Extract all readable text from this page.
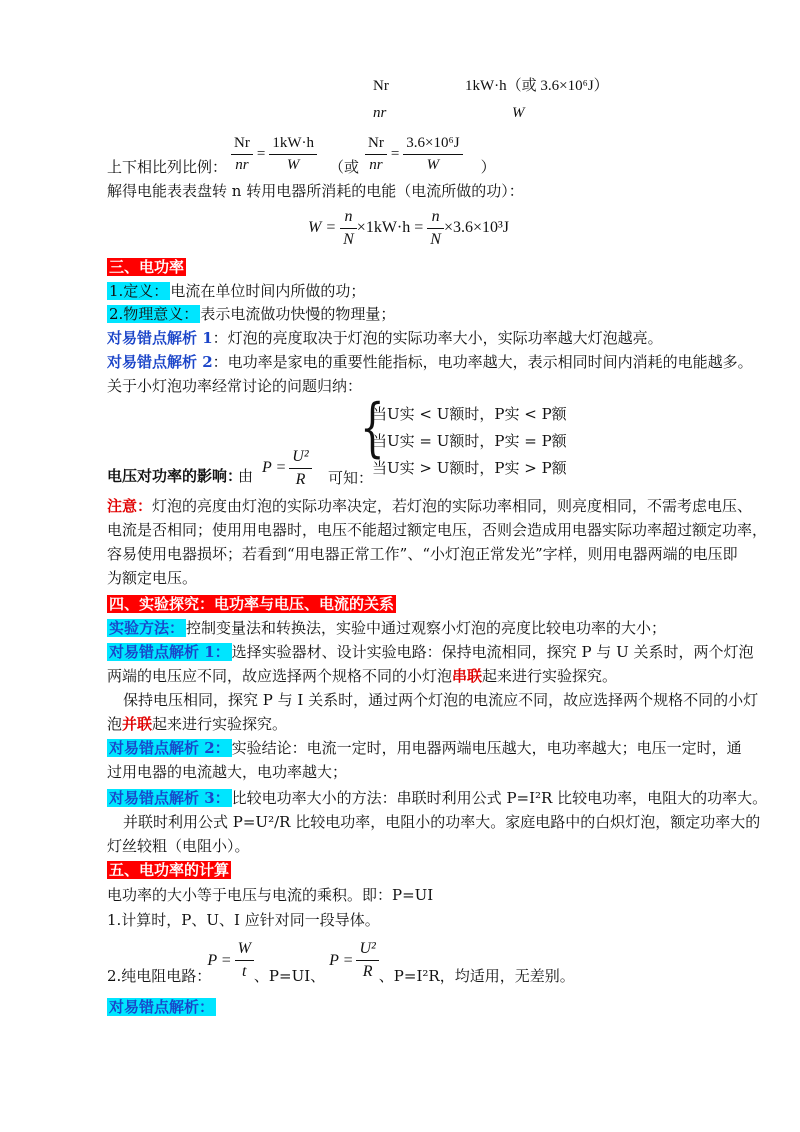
Nr	1kW·h（或 3.6×10⁶J）
nr	W
上下相比列比例： $\frac{Nr}{nr} = \frac{1kW\cdot h}{W}$ （或 $\frac{Nr}{nr} = \frac{\text{3.6×10⁶J}}{W}$ ）
解得电能表表盘转 n 转用电器所消耗的电能（电流所做的功）：
$W = \frac{n}{N} \times 1kW\cdot h = \frac{n}{N} \times 3.6\times 10^3J$
三、电功率
1.定义： 电流在单位时间内所做的功；
2.物理意义： 表示电流做功快慢的物理量；
对易错点解析 1：灯泡的亮度取决于灯泡的实际功率大小，实际功率越大灯泡越亮。
对易错点解析 2：电功率是家电的重要性能指标，电功率越大，表示相同时间内消耗的电能越多。
关于小灯泡功率经常讨论的问题归纳：
电压对功率的影响：
由 $P = \frac{\text{U²}}{R}$ 可知：
{
当U实 < U额时，P实 < P额
当U实 = U额时，P实 = P额
当U实 > U额时，P实 > P额
注意：灯泡的亮度由灯泡的实际功率决定，若灯泡的实际功率相同，则亮度相同，不需考虑电压、
电流是否相同；使用用电器时，电压不能超过额定电压，否则会造成用电器实际功率超过额定功率，
容易使用电器损坏；若看到“用电器正常工作”、“小灯泡正常发光”字样，则用电器两端的电压即
为额定电压。
四、实验探究：电功率与电压、电流的关系
实验方法： 控制变量法和转换法，实验中通过观察小灯泡的亮度比较电功率的大小；
对易错点解析 1： 选择实验器材、设计实验电路：保持电流相同，探究 P 与 U 关系时，两个灯泡
两端的电压应不同，故应选择两个规格不同的小灯泡串联起来进行实验探究。
保持电压相同，探究 P 与 I 关系时，通过两个灯泡的电流应不同，故应选择两个规格不同的小灯
泡并联起来进行实验探究。
对易错点解析 2： 实验结论：电流一定时，用电器两端电压越大，电功率越大；电压一定时，通
过用电器的电流越大，电功率越大；
对易错点解析 3： 比较电功率大小的方法：串联时利用公式 P=I²R 比较电功率，电阻大的功率大。
并联时利用公式 P=U²/R 比较电功率，电阻小的功率大。家庭电路中的白炽灯泡，额定功率大的
灯丝较粗（电阻小）。
五、电功率的计算
电功率的大小等于电压与电流的乘积。即：P=UI
1.计算时，P、U、I 应针对同一段导体。
2.纯电阻电路：
$P = \frac{W}{t}$ 、P=UI、
$P = \frac{\text{U²}}{R}$ 、P=I²R，均适用，无差别。
对易错点解析：
